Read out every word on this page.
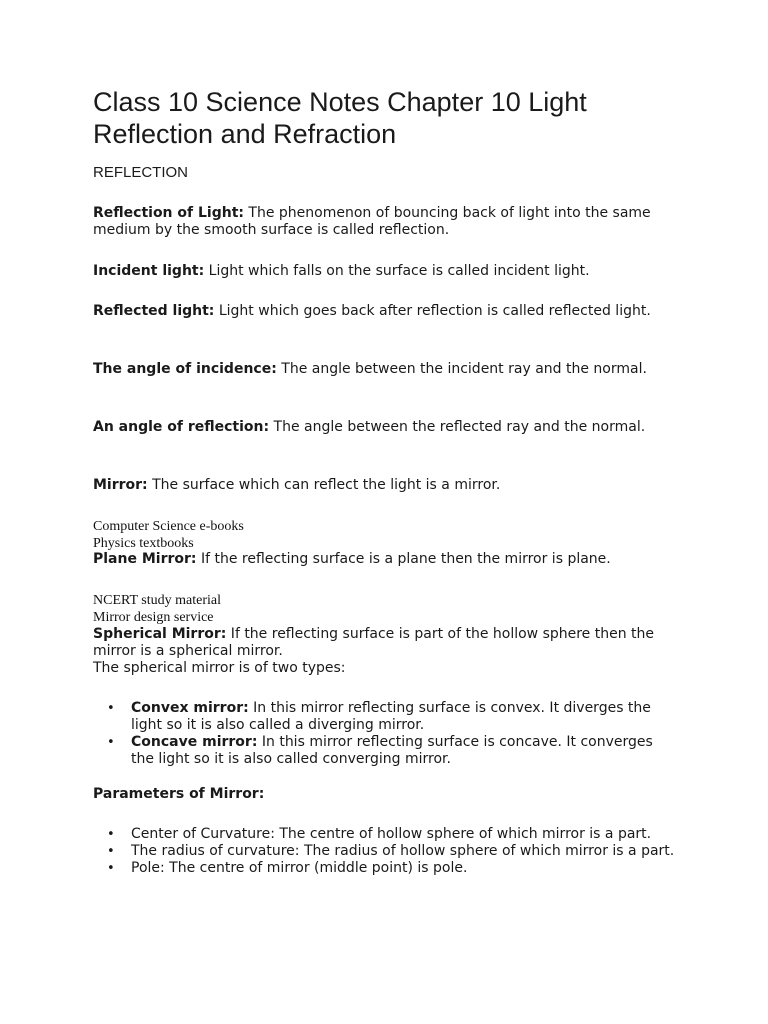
Class 10 Science Notes Chapter 10 Light Reflection and Refraction
REFLECTION

Reflection of Light: The phenomenon of bouncing back of light into the same medium by the smooth surface is called reflection.

Incident light: Light which falls on the surface is called incident light.

Reflected light: Light which goes back after reflection is called reflected light.

The angle of incidence: The angle between the incident ray and the normal.

An angle of reflection: The angle between the reflected ray and the normal.

Mirror: The surface which can reflect the light is a mirror.

Computer Science e-books

Physics textbooks

Plane Mirror: If the reflecting surface is a plane then the mirror is plane.

NCERT study material

Mirror design service

Spherical Mirror: If the reflecting surface is part of the hollow sphere then the mirror is a spherical mirror.
The spherical mirror is of two types:

• Convex mirror: In this mirror reflecting surface is convex. It diverges the light so it is also called a diverging mirror.
• Concave mirror: In this mirror reflecting surface is concave. It converges the light so it is also called converging mirror.

Parameters of Mirror:

• Center of Curvature: The centre of hollow sphere of which mirror is a part.
• The radius of curvature: The radius of hollow sphere of which mirror is a part.
• Pole: The centre of mirror (middle point) is pole.
